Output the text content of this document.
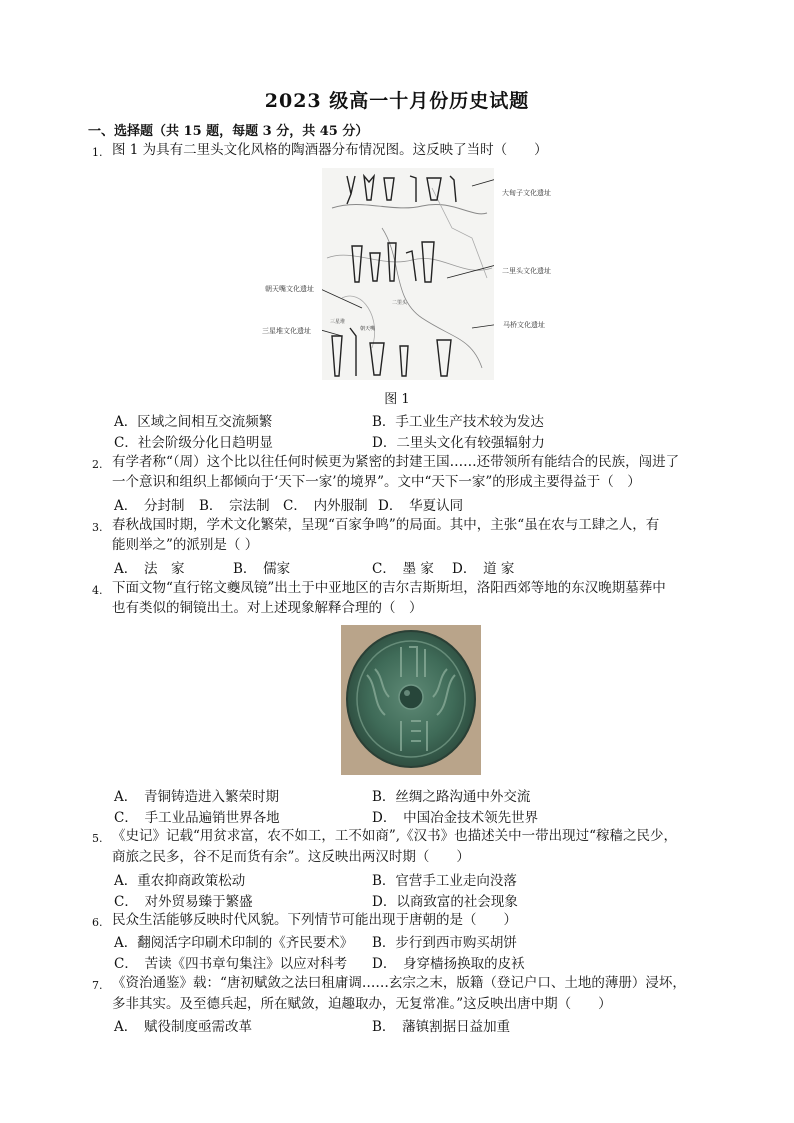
2023 级高一十月份历史试题
一、选择题（共 15 题，每题 3 分，共 45 分）
1. 图 1 为具有二里头文化风格的陶酒器分布情况图。这反映了当时（　　）
二里头
三星堆
朝天嘴
大甸子文化遗址
二里头文化遗址
朝天嘴文化遗址
三星堆文化遗址
马桥文化遗址
图 1
A．区域之间相互交流频繁	B．手工业生产技术较为发达
C．社会阶级分化日趋明显	D．二里头文化有较强辐射力
2. 有学者称“（周）这个比以往任何时候更为紧密的封建王国……还带领所有能结合的民族，闯进了
一个意识和组织上都倾向于‘天下一家’的境界”。文中“天下一家”的形成主要得益于（　）
A．　分封制 B．　宗法制 C．　内外服制 D．　华夏认同
3. 春秋战国时期，学术文化繁荣，呈现“百家争鸣”的局面。其中，主张“虽在农与工肆之人，有
能则举之”的派别是（ ）
A．　法　家	B．　儒家	C．　墨 家 D．　道 家
4. 下面文物“直行铭文夔凤镜”出土于中亚地区的吉尔吉斯斯坦，洛阳西郊等地的东汉晚期墓葬中
也有类似的铜镜出土。对上述现象解释合理的（　）
A．　青铜铸造进入繁荣时期	B．丝绸之路沟通中外交流
C．　手工业品遍销世界各地	D．　中国冶金技术领先世界
5. 《史记》记载“用贫求富，农不如工，工不如商”,《汉书》也描述关中一带出现过“稼穑之民少，
商旅之民多，谷不足而货有余”。这反映出两汉时期（　　）
A．重农抑商政策松动	B．官营手工业走向没落
C．　对外贸易臻于繁盛	D．以商致富的社会现象
6. 民众生活能够反映时代风貌。下列情节可能出现于唐朝的是（　　）
A．翻阅活字印刷术印制的《齐民要术》 B．步行到西市购买胡饼
C．　苦读《四书章句集注》以应对科考 D．　身穿樯扬换取的皮袄
7. 《资治通鉴》载：“唐初赋敛之法曰租庸调……玄宗之末，版籍（登记户口、土地的薄册）浸坏，
多非其实。及至德兵起，所在赋敛，迫趣取办，无复常准。”这反映出唐中期（　　）
A．　赋役制度亟需改革	B．　藩镇割据日益加重
